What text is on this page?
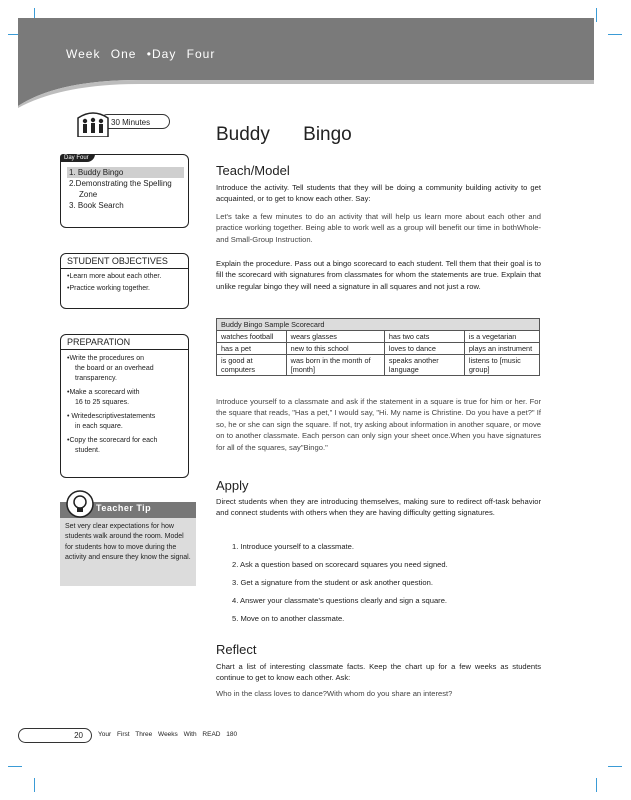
Week One •Day Four
30 Minutes
Day Four
1. Buddy Bingo
2.Demonstrating the Spelling
Zone
3. Book Search
STUDENT OBJECTIVES
•Learn more about each other.
•Practice working together.
PREPARATION
•Write the procedures on
the board or an overhead transparency.
•Make a scorecard with
16 to 25 squares.
• Writedescriptivestatements
in each square.
•Copy the scorecard for each
student.
Teacher Tip
Set very clear expectations for how students walk around the room. Model for students how to move during the activity and ensure they know the signal.
Buddy Bingo
Teach/Model
Introduce the activity. Tell students that they will be doing a community building activity to get acquainted, or to get to know each other. Say:
Let's take a few minutes to do an activity that will help us learn more about each other and practice working together. Being able to work well as a group will benefit our time in bothWhole- and Small-Group Instruction.
Explain the procedure. Pass out a bingo scorecard to each student. Tell them that their goal is to fill the scorecard with signatures from classmates for whom the statements are true. Explain that unlike regular bingo they will need a signature in all squares and not just a row.
Buddy Bingo Sample Scorecard			
watches football	wears glasses	has two cats	is a vegetarian
has a pet	new to this school	loves to dance	plays an instrument
is good at computers	was born in the month of [month]	speaks another language	listens to [music group]
Introduce yourself to a classmate and ask if the statement in a square is true for him or her. For the square that reads, "Has a pet," I would say, "Hi. My name is Christine. Do you have a pet?" If so, he or she can sign the square. If not, try asking about information in another square, or move on to another classmate. Each person can only sign your sheet once.When you have signatures for all of the squares, say"Bingo."
Apply
Direct students when they are introducing themselves, making sure to redirect off-task behavior and connect students with others when they are having difficulty getting signatures.
1. Introduce yourself to a classmate.
2. Ask a question based on scorecard squares you need signed.
3. Get a signature from the student or ask another question.
4. Answer your classmate's questions clearly and sign a square.
5. Move on to another classmate.
Reflect
Chart a list of interesting classmate facts. Keep the chart up for a few weeks as students continue to get to know each other. Ask:
Who in the class loves to dance?With whom do you share an interest?
20	Your First Three Weeks With READ 180
